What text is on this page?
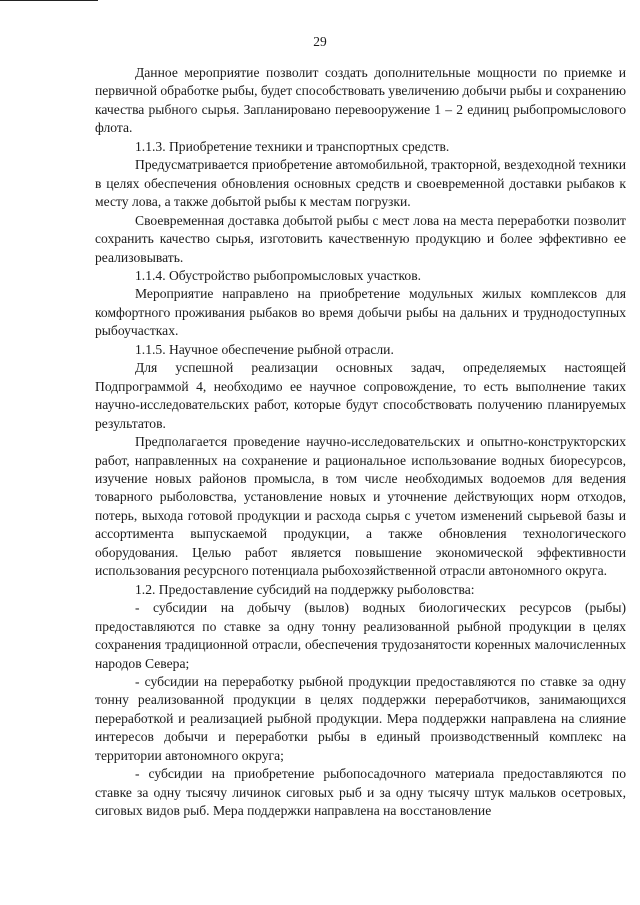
29

Данное мероприятие позволит создать дополнительные мощности по приемке и первичной обработке рыбы, будет способствовать увеличению добычи рыбы и сохранению качества рыбного сырья. Запланировано перевооружение 1 – 2 единиц рыбопромыслового флота.

1.1.3. Приобретение техники и транспортных средств.

Предусматривается приобретение автомобильной, тракторной, вездеходной техники в целях обеспечения обновления основных средств и своевременной доставки рыбаков к месту лова, а также добытой рыбы к местам погрузки.

Своевременная доставка добытой рыбы с мест лова на места переработки позволит сохранить качество сырья, изготовить качественную продукцию и более эффективно ее реализовывать.

1.1.4. Обустройство рыбопромысловых участков.

Мероприятие направлено на приобретение модульных жилых комплексов для комфортного проживания рыбаков во время добычи рыбы на дальних и труднодоступных рыбоучастках.

1.1.5. Научное обеспечение рыбной отрасли.

Для успешной реализации основных задач, определяемых настоящей Подпрограммой 4, необходимо ее научное сопровождение, то есть выполнение таких научно-исследовательских работ, которые будут способствовать получению планируемых результатов.

Предполагается проведение научно-исследовательских и опытно-конструкторских работ, направленных на сохранение и рациональное использование водных биоресурсов, изучение новых районов промысла, в том числе необходимых водоемов для ведения товарного рыболовства, установление новых и уточнение действующих норм отходов, потерь, выхода готовой продукции и расхода сырья с учетом изменений сырьевой базы и ассортимента выпускаемой продукции, а также обновления технологического оборудования. Целью работ является повышение экономической эффективности использования ресурсного потенциала рыбохозяйственной отрасли автономного округа.

1.2. Предоставление субсидий на поддержку рыболовства:

- субсидии на добычу (вылов) водных биологических ресурсов (рыбы) предоставляются по ставке за одну тонну реализованной рыбной продукции в целях сохранения традиционной отрасли, обеспечения трудозанятости коренных малочисленных народов Севера;

- субсидии на переработку рыбной продукции предоставляются по ставке за одну тонну реализованной продукции в целях поддержки переработчиков, занимающихся переработкой и реализацией рыбной продукции. Мера поддержки направлена на слияние интересов добычи и переработки рыбы в единый производственный комплекс на территории автономного округа;

- субсидии на приобретение рыбопосадочного материала предоставляются по ставке за одну тысячу личинок сиговых рыб и за одну тысячу штук мальков осетровых, сиговых видов рыб. Мера поддержки направлена на восстановление
